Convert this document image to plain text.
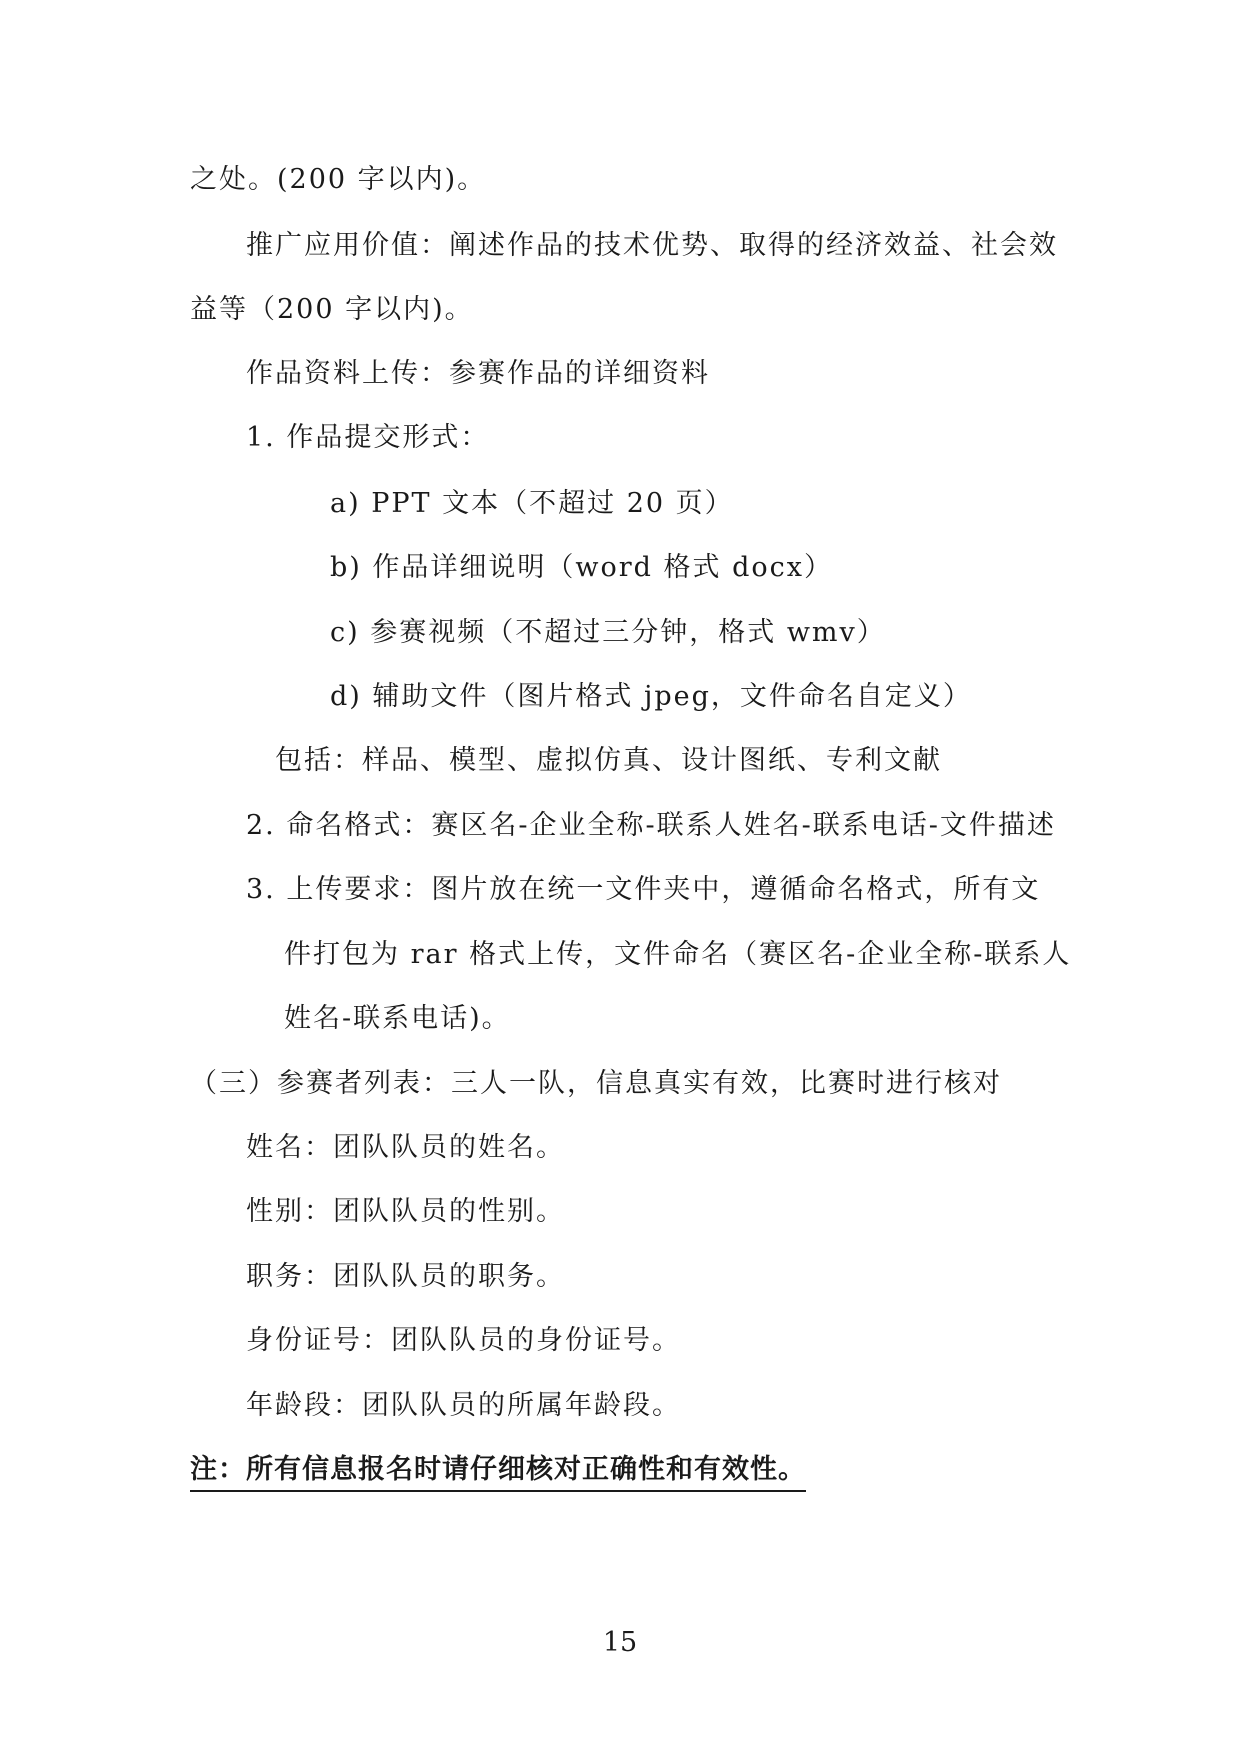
之处。(200 字以内)。
推广应用价值：阐述作品的技术优势、取得的经济效益、社会效
益等（200 字以内)。
作品资料上传：参赛作品的详细资料
1. 作品提交形式：
a) PPT 文本（不超过 20 页）
b) 作品详细说明（word 格式 docx）
c) 参赛视频（不超过三分钟，格式 wmv）
d) 辅助文件（图片格式 jpeg，文件命名自定义）
包括：样品、模型、虚拟仿真、设计图纸、专利文献
2. 命名格式：赛区名-企业全称-联系人姓名-联系电话-文件描述
3. 上传要求：图片放在统一文件夹中，遵循命名格式，所有文
件打包为 rar 格式上传，文件命名（赛区名-企业全称-联系人
姓名-联系电话)。
（三）参赛者列表：三人一队，信息真实有效，比赛时进行核对
姓名：团队队员的姓名。
性别：团队队员的性别。
职务：团队队员的职务。
身份证号：团队队员的身份证号。
年龄段：团队队员的所属年龄段。
注：所有信息报名时请仔细核对正确性和有效性。
15
